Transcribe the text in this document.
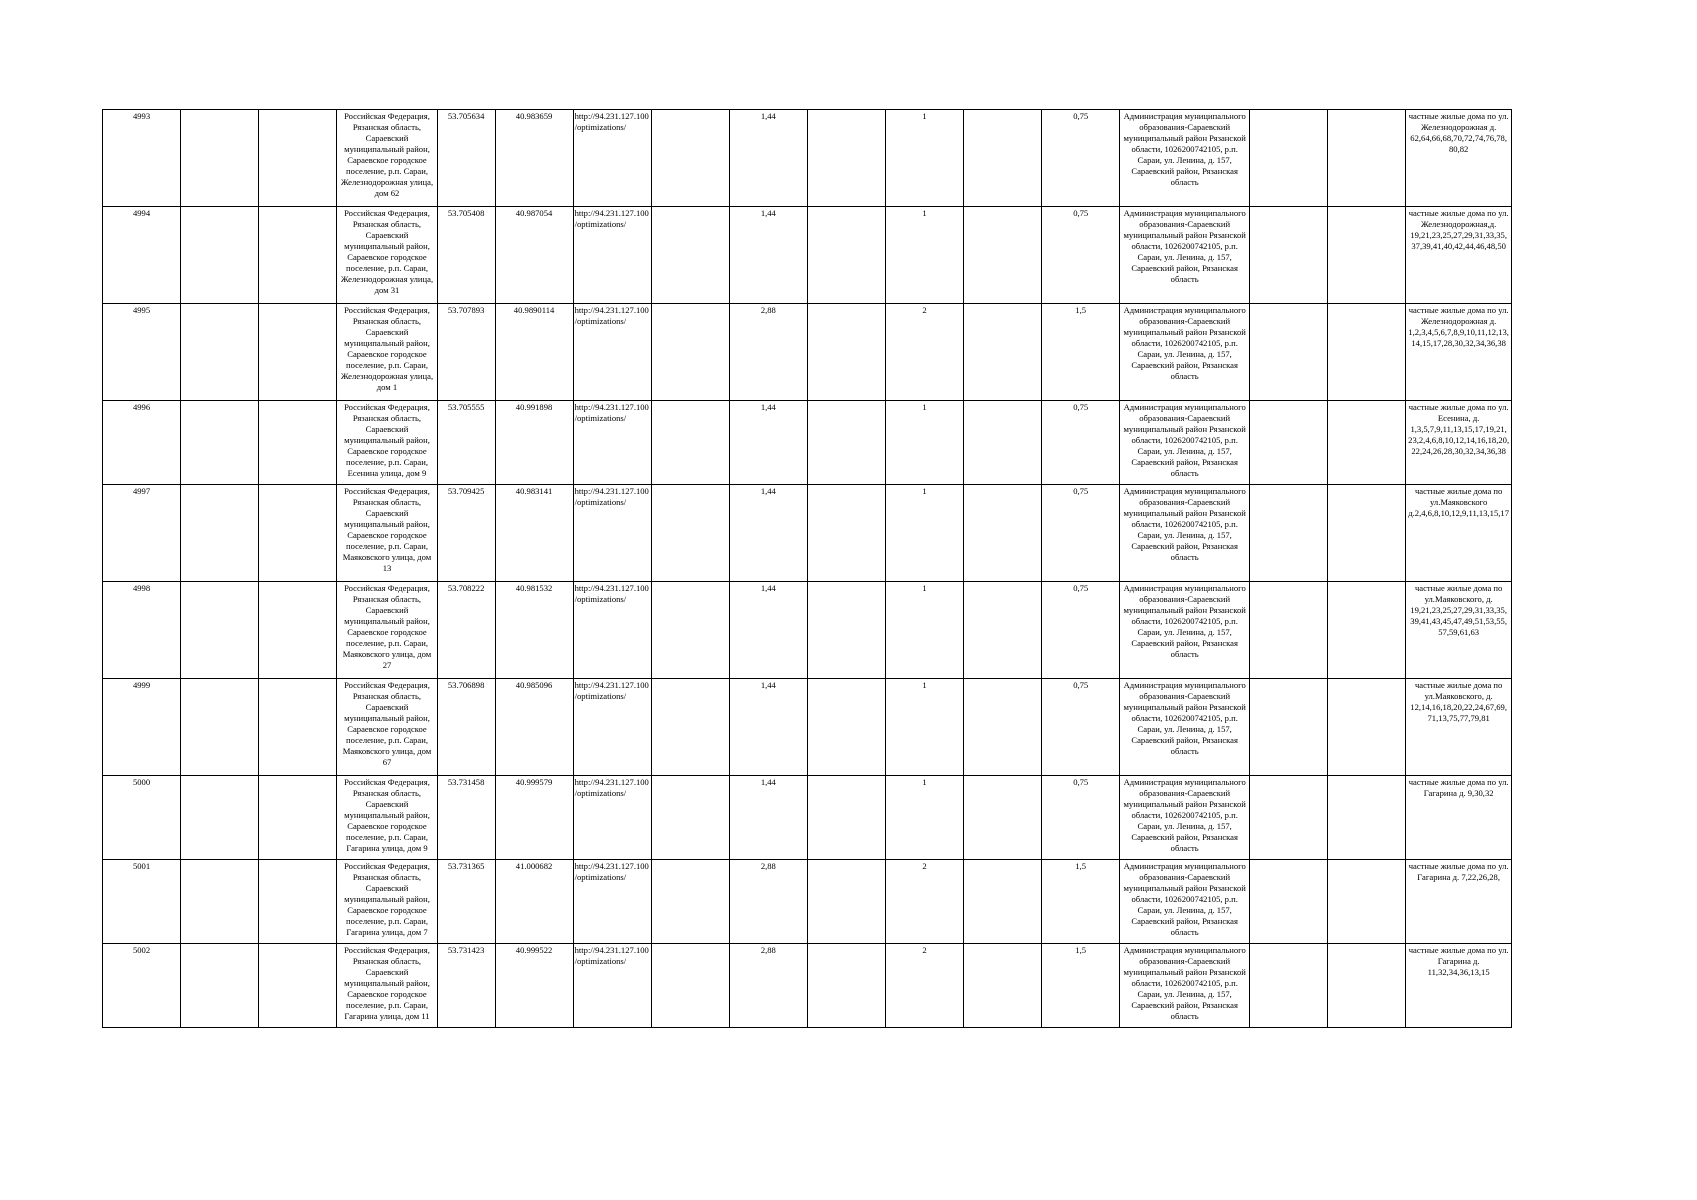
4993			Российская Федерация, Рязанская область, Сараевский муниципальный район, Сараевское городское поселение, р.п. Сараи, Железнодорожная улица, дом 62	53.705634	40.983659	http://94.231.127.100/optimizations/		1,44		1		0,75	Администрация муниципального образования-Сараевский муниципальный район Рязанской области, 1026200742105, р.п. Сараи, ул. Ленина, д. 157, Сараевский район, Рязанская область			частные жилые дома по ул. Железнодорожная д. 62,64,66,68,70,72,74,76,78, 80,82
4994			Российская Федерация, Рязанская область, Сараевский муниципальный район, Сараевское городское поселение, р.п. Сараи, Железнодорожная улица, дом 31	53.705408	40.987054	http://94.231.127.100/optimizations/		1,44		1		0,75	Администрация муниципального образования-Сараевский муниципальный район Рязанской области, 1026200742105, р.п. Сараи, ул. Ленина, д. 157, Сараевский район, Рязанская область			частные жилые дома по ул. Железнодорожная,д. 19,21,23,25,27,29,31,33,35, 37,39,41,40,42,44,46,48,50
4995			Российская Федерация, Рязанская область, Сараевский муниципальный район, Сараевское городское поселение, р.п. Сараи, Железнодорожная улица, дом 1	53.707893	40.9890114	http://94.231.127.100/optimizations/		2,88		2		1,5	Администрация муниципального образования-Сараевский муниципальный район Рязанской области, 1026200742105, р.п. Сараи, ул. Ленина, д. 157, Сараевский район, Рязанская область			частные жилые дома по ул. Железнодорожная д. 1,2,3,4,5,6,7,8,9,10,11,12,13,14,15,17,28,30,32,34,36,38
4996			Российская Федерация, Рязанская область, Сараевский муниципальный район, Сараевское городское поселение, р.п. Сараи, Есенина улица, дом 9	53.705555	40.991898	http://94.231.127.100/optimizations/		1,44		1		0,75	Администрация муниципального образования-Сараевский муниципальный район Рязанской области, 1026200742105, р.п. Сараи, ул. Ленина, д. 157, Сараевский район, Рязанская область			частные жилые дома по ул. Есенина, д. 1,3,5,7,9,11,13,15,17,19,21, 23,2,4,6,8,10,12,14,16,18,20,22,24,26,28,30,32,34,36,38
4997			Российская Федерация, Рязанская область, Сараевский муниципальный район, Сараевское городское поселение, р.п. Сараи, Маяковского улица, дом 13	53.709425	40.983141	http://94.231.127.100/optimizations/		1,44		1		0,75	Администрация муниципального образования-Сараевский муниципальный район Рязанской области, 1026200742105, р.п. Сараи, ул. Ленина, д. 157, Сараевский район, Рязанская область			частные жилые дома по ул.Маяковского д.2,4,6,8,10,12,9,11,13,15,17
4998			Российская Федерация, Рязанская область, Сараевский муниципальный район, Сараевское городское поселение, р.п. Сараи, Маяковского улица, дом 27	53.708222	40.981532	http://94.231.127.100/optimizations/		1,44		1		0,75	Администрация муниципального образования-Сараевский муниципальный район Рязанской области, 1026200742105, р.п. Сараи, ул. Ленина, д. 157, Сараевский район, Рязанская область			частные жилые дома по ул.Маяковского, д. 19,21,23,25,27,29,31,33,35, 39,41,43,45,47,49,51,53,55, 57,59,61,63
4999			Российская Федерация, Рязанская область, Сараевский муниципальный район, Сараевское городское поселение, р.п. Сараи, Маяковского улица, дом 67	53.706898	40.985096	http://94.231.127.100/optimizations/		1,44		1		0,75	Администрация муниципального образования-Сараевский муниципальный район Рязанской области, 1026200742105, р.п. Сараи, ул. Ленина, д. 157, Сараевский район, Рязанская область			частные жилые дома по ул.Маяковского, д. 12,14,16,18,20,22,24,67,69, 71,13,75,77,79,81
5000			Российская Федерация, Рязанская область, Сараевский муниципальный район, Сараевское городское поселение, р.п. Сараи, Гагарина улица, дом 9	53.731458	40.999579	http://94.231.127.100/optimizations/		1,44		1		0,75	Администрация муниципального образования-Сараевский муниципальный район Рязанской области, 1026200742105, р.п. Сараи, ул. Ленина, д. 157, Сараевский район, Рязанская область			частные жилые дома по ул. Гагарина д. 9,30,32
5001			Российская Федерация, Рязанская область, Сараевский муниципальный район, Сараевское городское поселение, р.п. Сараи, Гагарина улица, дом 7	53.731365	41.000682	http://94.231.127.100/optimizations/		2,88		2		1,5	Администрация муниципального образования-Сараевский муниципальный район Рязанской области, 1026200742105, р.п. Сараи, ул. Ленина, д. 157, Сараевский район, Рязанская область			частные жилые дома по ул. Гагарина д. 7,22,26,28,
5002			Российская Федерация, Рязанская область, Сараевский муниципальный район, Сараевское городское поселение, р.п. Сараи, Гагарина улица, дом 11	53.731423	40.999522	http://94.231.127.100/optimizations/		2,88		2		1,5	Администрация муниципального образования-Сараевский муниципальный район Рязанской области, 1026200742105, р.п. Сараи, ул. Ленина, д. 157, Сараевский район, Рязанская область			частные жилые дома по ул. Гагарина д. 11,32,34,36,13,15
